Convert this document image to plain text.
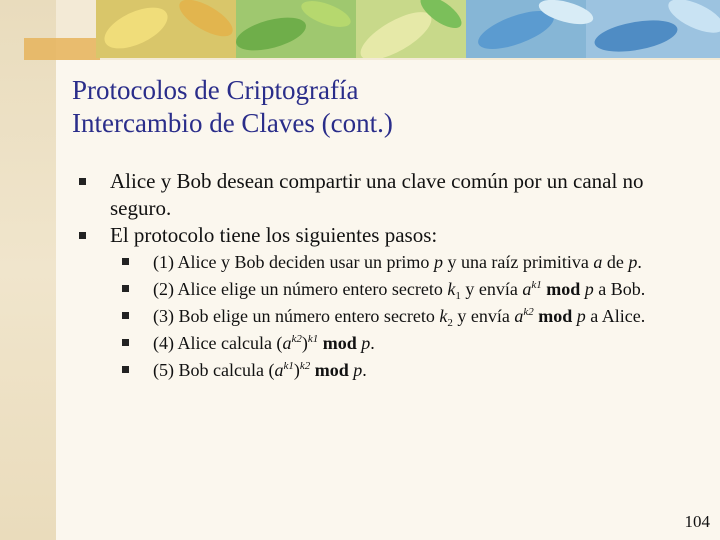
Protocolos de Criptografía
Intercambio de Claves (cont.)
Alice y Bob desean compartir una clave común por un canal no seguro.
El protocolo tiene los siguientes pasos:
(1) Alice y Bob deciden usar un primo p y una raíz primitiva a de p.
(2) Alice elige un número entero secreto $k_1$ y envía $a^{k1}$ mod p a Bob.
(3) Bob elige un número entero secreto $k_2$ y envía $a^{k2}$ mod p a Alice.
(4) Alice calcula $(a^{k2})^{k1}$ mod p.
(5) Bob calcula $(a^{k1})^{k2}$ mod p.
104
